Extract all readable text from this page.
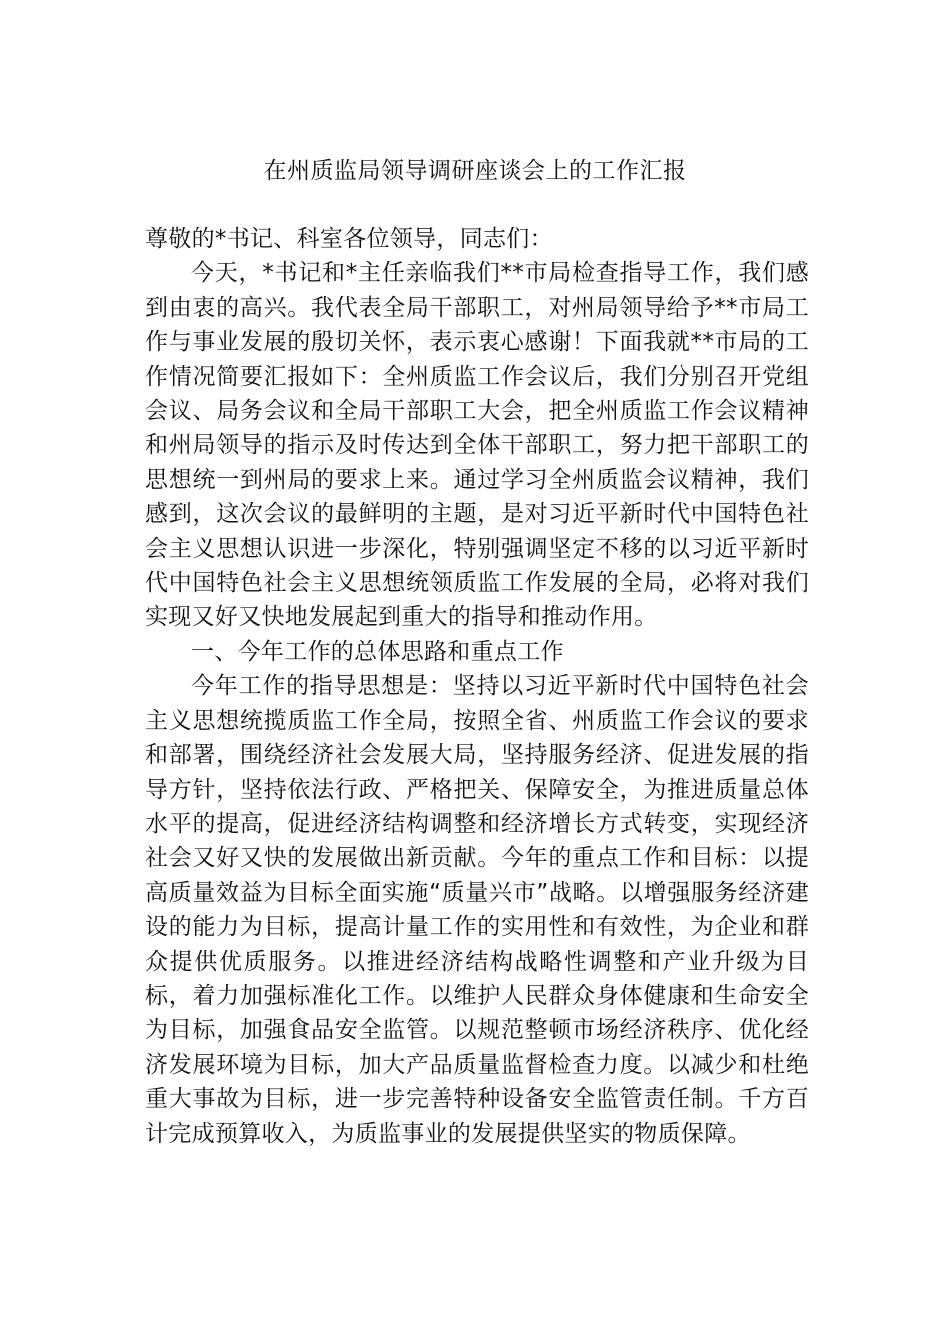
在州质监局领导调研座谈会上的工作汇报

尊敬的*书记、科室各位领导，同志们：

今天，*书记和*主任亲临我们**市局检查指导工作，我们感到由衷的高兴。我代表全局干部职工，对州局领导给予**市局工作与事业发展的殷切关怀，表示衷心感谢！下面我就**市局的工作情况简要汇报如下：全州质监工作会议后，我们分别召开党组会议、局务会议和全局干部职工大会，把全州质监工作会议精神和州局领导的指示及时传达到全体干部职工，努力把干部职工的思想统一到州局的要求上来。通过学习全州质监会议精神，我们感到，这次会议的最鲜明的主题，是对习近平新时代中国特色社会主义思想认识进一步深化，特别强调坚定不移的以习近平新时代中国特色社会主义思想统领质监工作发展的全局，必将对我们实现又好又快地发展起到重大的指导和推动作用。

一、今年工作的总体思路和重点工作

今年工作的指导思想是：坚持以习近平新时代中国特色社会主义思想统揽质监工作全局，按照全省、州质监工作会议的要求和部署，围绕经济社会发展大局，坚持服务经济、促进发展的指导方针，坚持依法行政、严格把关、保障安全，为推进质量总体水平的提高，促进经济结构调整和经济增长方式转变，实现经济社会又好又快的发展做出新贡献。今年的重点工作和目标：以提高质量效益为目标全面实施“质量兴市”战略。以增强服务经济建设的能力为目标，提高计量工作的实用性和有效性，为企业和群众提供优质服务。以推进经济结构战略性调整和产业升级为目标，着力加强标准化工作。以维护人民群众身体健康和生命安全为目标，加强食品安全监管。以规范整顿市场经济秩序、优化经济发展环境为目标，加大产品质量监督检查力度。以减少和杜绝重大事故为目标，进一步完善特种设备安全监管责任制。千方百计完成预算收入，为质监事业的发展提供坚实的物质保障。
